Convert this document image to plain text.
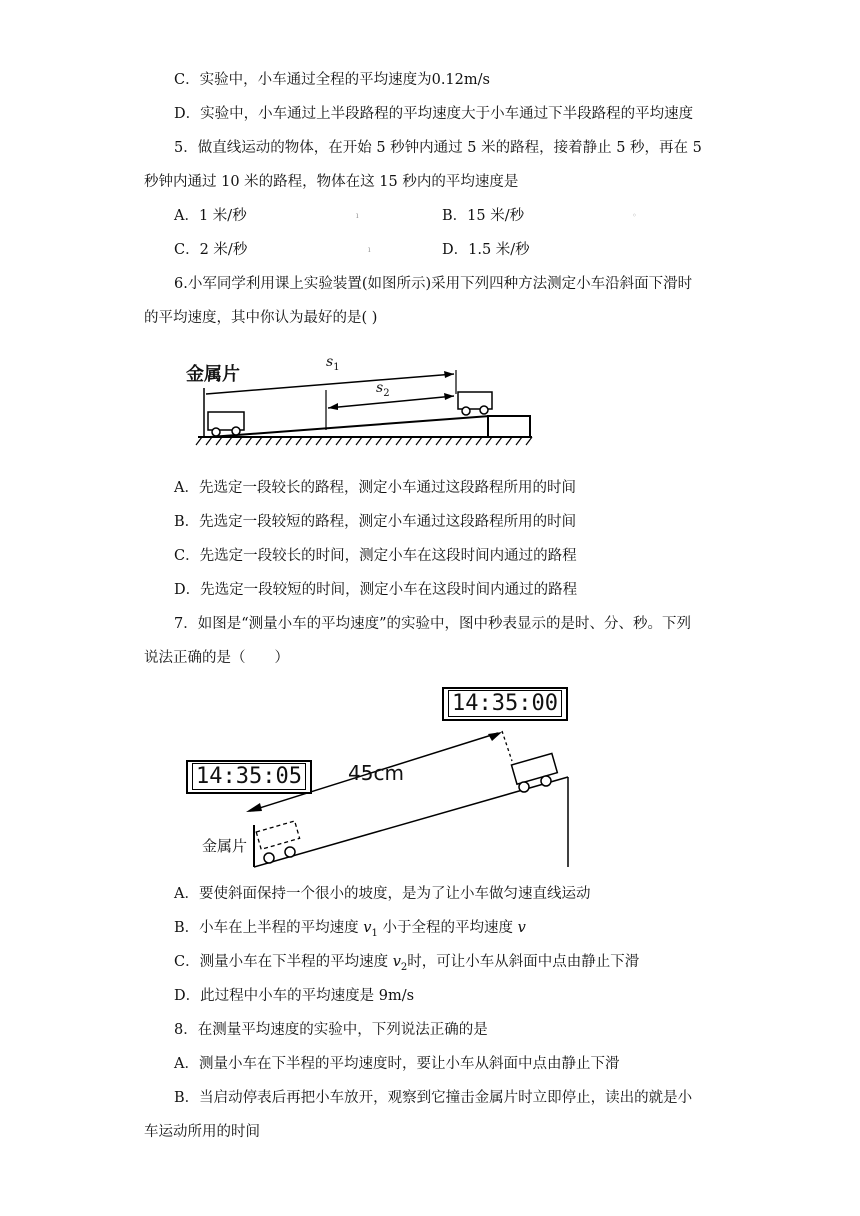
C．实验中，小车通过全程的平均速度为0.12m/s
D．实验中，小车通过上半段路程的平均速度大于小车通过下半段路程的平均速度
5．做直线运动的物体，在开始 5 秒钟内通过 5 米的路程，接着静止 5 秒，再在 5
秒钟内通过 10 米的路程，物体在这 15 秒内的平均速度是
A．1 米/秒	B．15 米/秒
C．2 米/秒	D．1.5 米/秒
ı	◦
ı
6.小军同学利用课上实验装置(如图所示)采用下列四种方法测定小车沿斜面下滑时
的平均速度，其中你认为最好的是( )
金属片
$s_1$
$s_2$
A．先选定一段较长的路程，测定小车通过这段路程所用的时间
B．先选定一段较短的路程，测定小车通过这段路程所用的时间
C．先选定一段较长的时间，测定小车在这段时间内通过的路程
D．先选定一段较短的时间，测定小车在这段时间内通过的路程
7．如图是“测量小车的平均速度”的实验中，图中秒表显示的是时、分、秒。下列
说法正确的是（　　）
14:35:00
14:35:05	45cm
金属片
A．要使斜面保持一个很小的坡度，是为了让小车做匀速直线运动
B．小车在上半程的平均速度 $v_1$ 小于全程的平均速度 v
C．测量小车在下半程的平均速度 $v_2$时，可让小车从斜面中点由静止下滑
D．此过程中小车的平均速度是 9m/s
8．在测量平均速度的实验中，下列说法正确的是
A．测量小车在下半程的平均速度时，要让小车从斜面中点由静止下滑
B．当启动停表后再把小车放开，观察到它撞击金属片时立即停止，读出的就是小
车运动所用的时间
